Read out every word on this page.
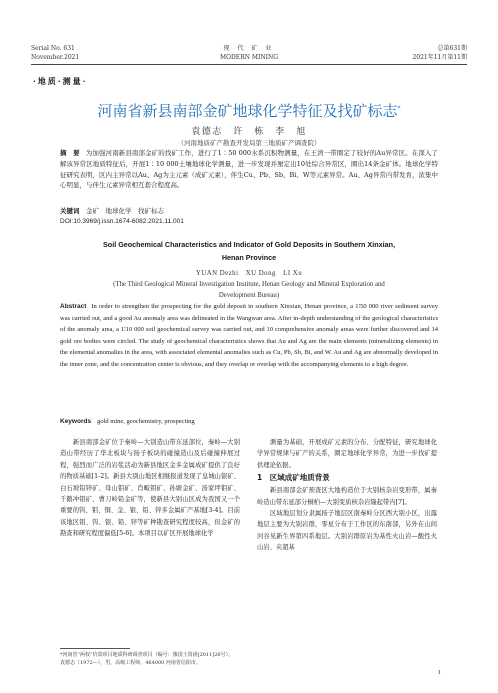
Serial No. 631
November.2021
现 代 矿 业
MODERN MINING
总第631期
2021年11月第11期
·地质·测量·
河南省新县南部金矿地球化学特征及找矿标志*
袁德志　许　栋　李　旭
（河南地质矿产勘查开发局第三地质矿产调查院）
摘　要 为加强河南新县南部金矿的找矿工作，进行了1∶50 000水系沉积物测量，在王湾一带圈定了较好的Au异常区。在深入了解该异常区地质特征后，开展1∶10 000土壤地球化学测量，进一步发现并厘定出10处综合异常区，圈出14条金矿体。地球化学特征研究表明，区内主异常以Au、Ag为主元素（成矿元素），伴生Cu、Pb、Sb、Bi、W等元素异常。Au、Ag异常内带发育，浓集中心明显，与伴生元素异常相互套合程度高。
关键词　 金矿　地球化学　找矿标志
DOI:10.3969/j.issn.1674-6082.2021.11.001
Soil Geochemical Characteristics and Indicator of Gold Deposits in Southern Xinxian,
Henan Province
YUAN Dezhi　XU Dong　LI Xu
(The Third Geological Mineral Investigation Institute, Henan Geology and Mineral Exploration and
Development Bureau)
Abstract In order to strengthen the prospecting for the gold deposit in southern Xinxian, Henan province, a 1∶50 000 river sediment survey was carried out, and a good Au anomaly area was delineated in the Wangwan area. After in-depth understanding of the geological characteristics of the anomaly area, a 1∶10 000 soil geochemical survey was carried out, and 10 comprehensive anomaly areas were further discovered and 14 gold ore bodies were circled. The study of geochemical characteristics shows that Au and Ag are the main elements (mineralizing elements) in the elemental anomalies in the area, with associated elemental anomalies such as Cu, Pb, Sb, Bi, and W. Au and Ag are abnormally developed in the inner zone, and the concentration center is obvious, and they overlap or overlap with the accompanying elements to a high degree.
Keywords gold mine, geochemistry, prospecting

新县南部金矿位于秦岭—大别造山带东延部位，秦岭—大别造山带经历了华北板块与扬子板块的碰撞造山及后碰撞伸展过程，强烈而广泛的岩浆活动为新县地区金多金属成矿提供了良好的物质基础[1-2]。新县大别山地区相继报道发现了皇城山银矿、白石坡铅锌矿、母山钼矿、肖畈钼矿、孙塘金矿、汤家坪钼矿、千鹅冲钼矿、曹刀岭铅金矿等，使新县大别山区成为我国又一个重要的钨、钼、铜、金、银、铅、锌多金属矿产基地[3-4]。目前该地区钼、钨、银、铅、锌等矿种勘查研究程度较高，但金矿的勘查和研究程度偏低[5-6]。本项目以矿区开展地球化学

测量为基础，开展成矿元素的分布、分配特征，研究地球化学异常规律与矿产的关系，圈定地球化学异常，为进一步找矿提供理论依据。

1　区域成矿地质背景

新县南部金矿预查区大地构造位于大别核杂岩变形带，属秦岭造山带东延部分桐柏—大别变质核杂岩隆起带内[7]。

区域地层划分隶属扬子地层区南秦岭分区西大别小区，出露地层主要为大别岩群，零星分布于工作区的东南部，另外在山间河谷见新生界第四系地层。大别岩群原岩为基性火山岩—酸性火山岩、夹超基

*河南省“两权”价款项目地质科研调查项目（编号：豫国土资函[2011]26号）。
袁德志（1972—），男，高级工程师，464000 河南省信阳市。
1
